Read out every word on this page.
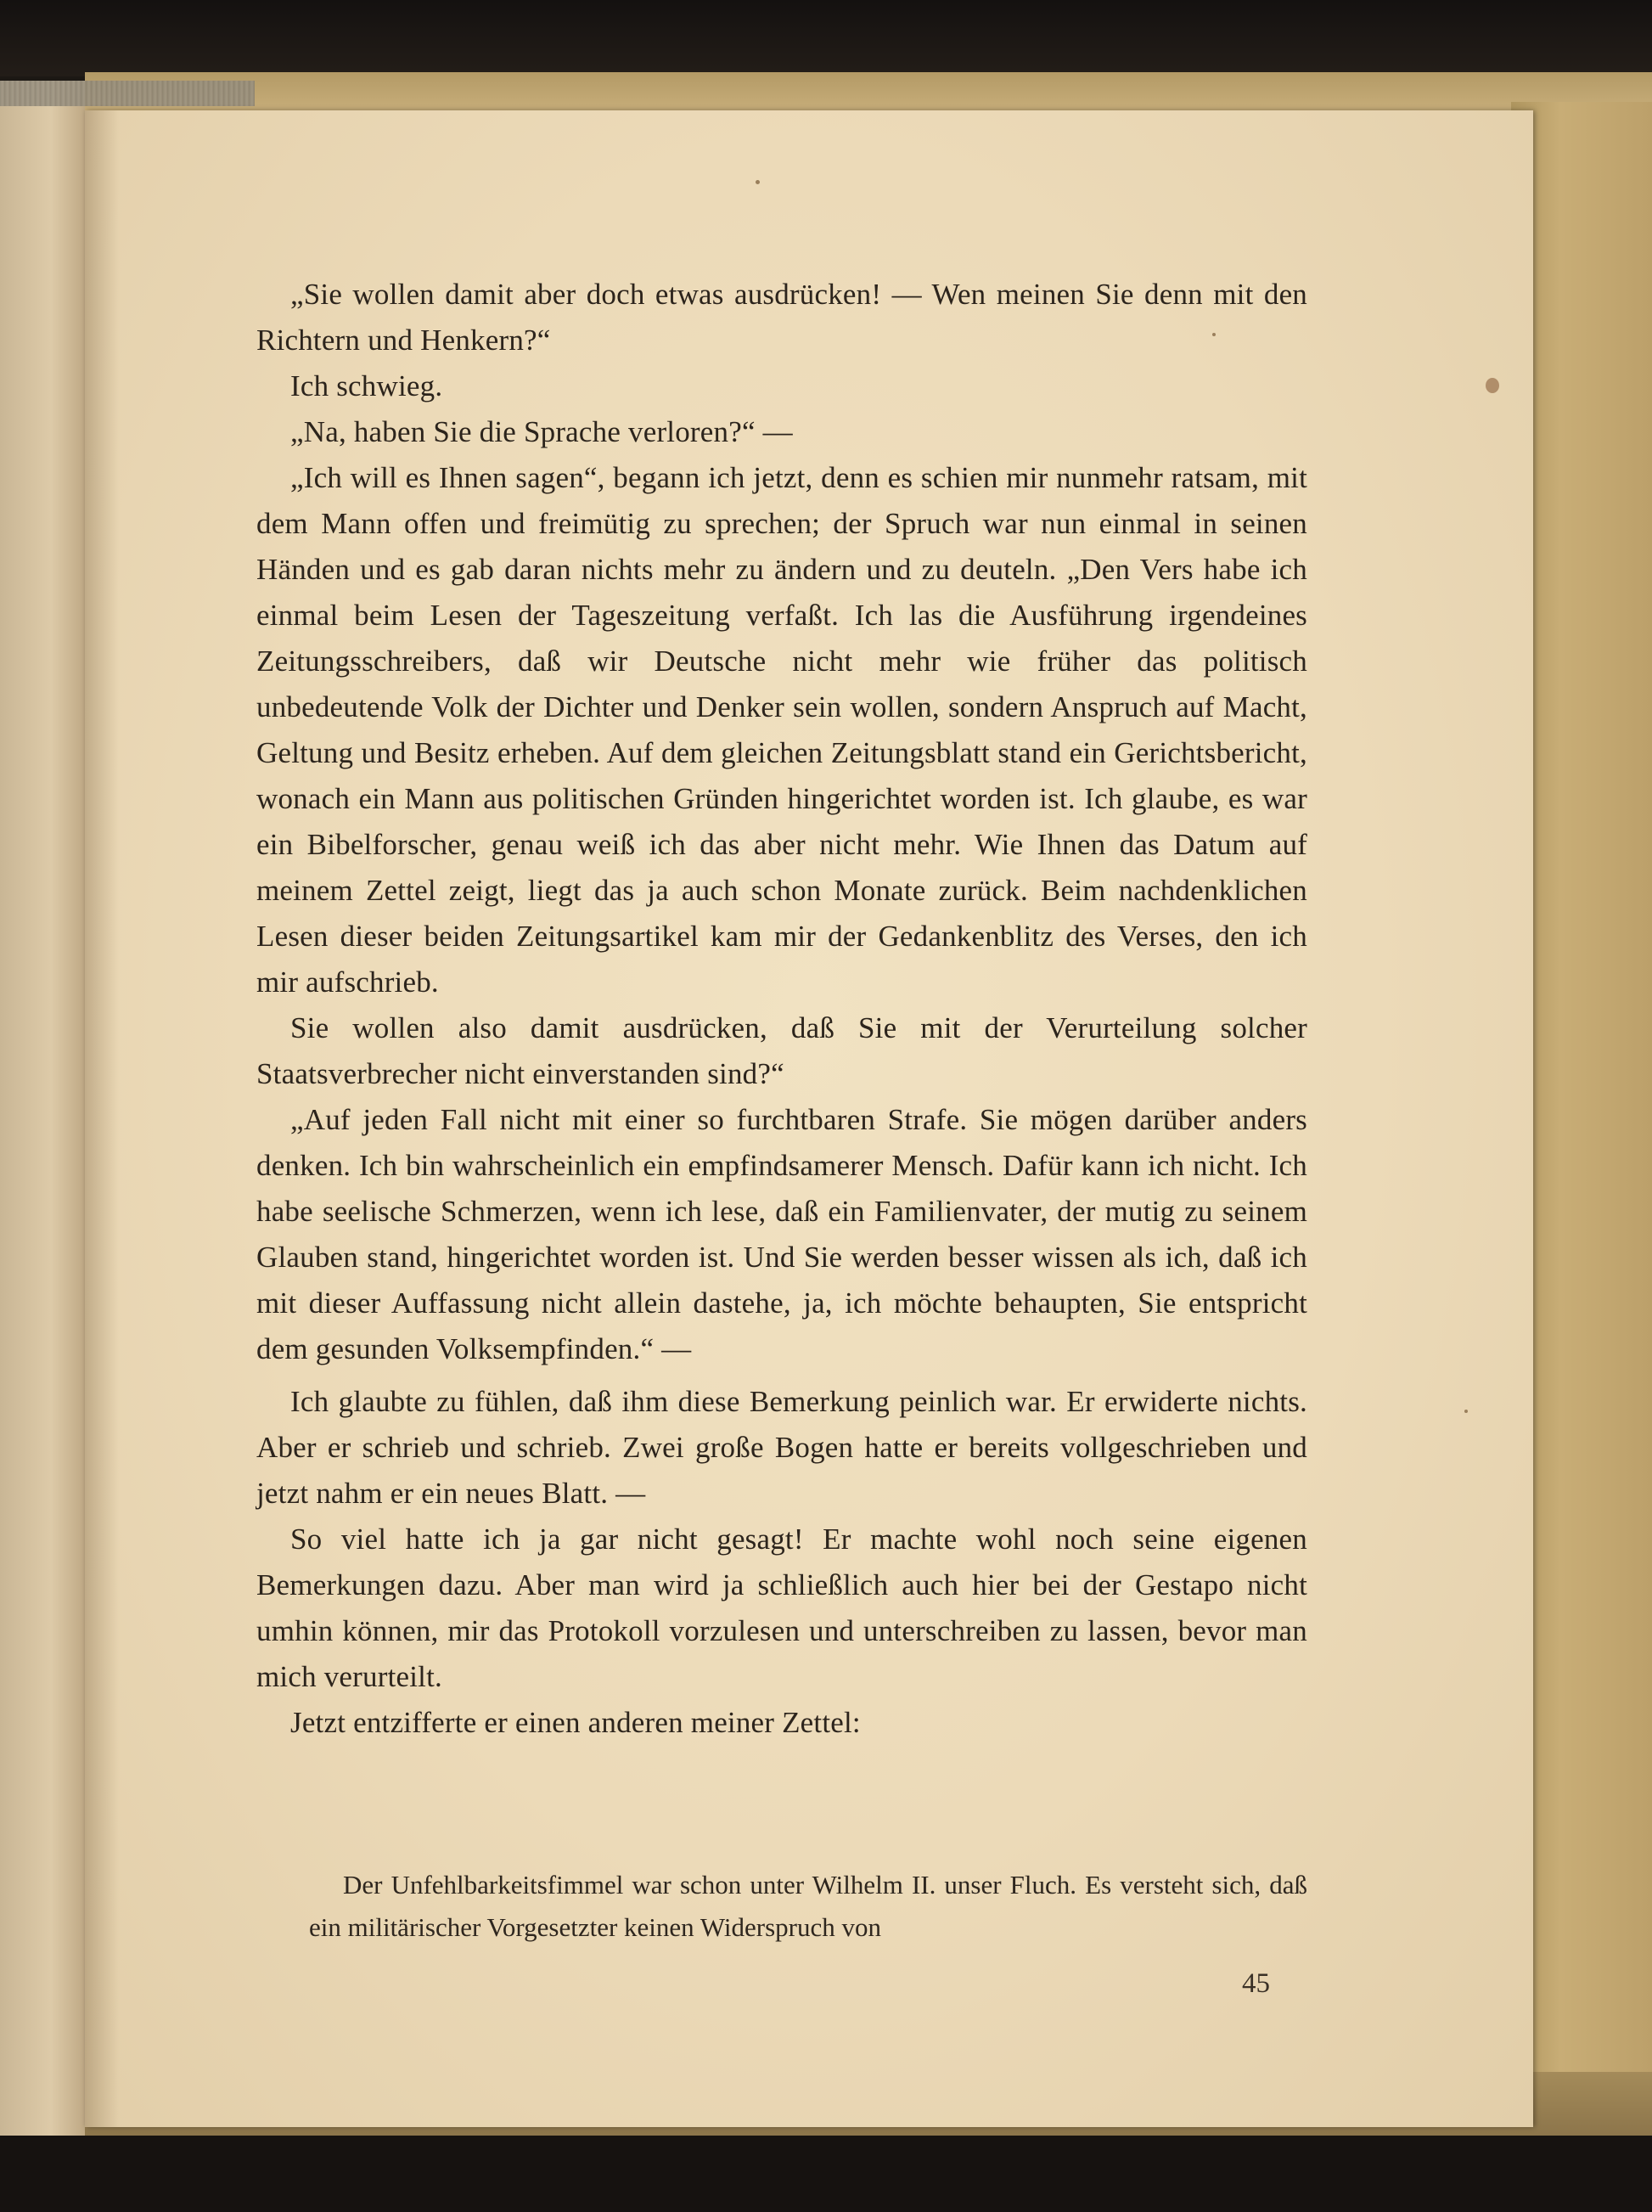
„Sie wollen damit aber doch etwas ausdrücken! — Wen meinen Sie denn mit den Richtern und Henkern?“

Ich schwieg.

„Na, haben Sie die Sprache verloren?“ —

„Ich will es Ihnen sagen“, begann ich jetzt, denn es schien mir nunmehr ratsam, mit dem Mann offen und freimütig zu sprechen; der Spruch war nun einmal in seinen Händen und es gab daran nichts mehr zu ändern und zu deuteln. „Den Vers habe ich einmal beim Lesen der Tageszeitung verfaßt. Ich las die Ausführung irgendeines Zeitungsschreibers, daß wir Deutsche nicht mehr wie früher das politisch unbedeutende Volk der Dichter und Denker sein wollen, sondern Anspruch auf Macht, Geltung und Besitz erheben. Auf dem gleichen Zeitungsblatt stand ein Gerichtsbericht, wonach ein Mann aus politischen Gründen hingerichtet worden ist. Ich glaube, es war ein Bibelforscher, genau weiß ich das aber nicht mehr. Wie Ihnen das Datum auf meinem Zettel zeigt, liegt das ja auch schon Monate zurück. Beim nachdenklichen Lesen dieser beiden Zeitungsartikel kam mir der Gedankenblitz des Verses, den ich mir aufschrieb.

Sie wollen also damit ausdrücken, daß Sie mit der Verurteilung solcher Staatsverbrecher nicht einverstanden sind?“

„Auf jeden Fall nicht mit einer so furchtbaren Strafe. Sie mögen darüber anders denken. Ich bin wahrscheinlich ein empfindsamerer Mensch. Dafür kann ich nicht. Ich habe seelische Schmerzen, wenn ich lese, daß ein Familienvater, der mutig zu seinem Glauben stand, hingerichtet worden ist. Und Sie werden besser wissen als ich, daß ich mit dieser Auffassung nicht allein dastehe, ja, ich möchte behaupten, Sie entspricht dem gesunden Volksempfinden.“ —

Ich glaubte zu fühlen, daß ihm diese Bemerkung peinlich war. Er erwiderte nichts. Aber er schrieb und schrieb. Zwei große Bogen hatte er bereits vollgeschrieben und jetzt nahm er ein neues Blatt. —

So viel hatte ich ja gar nicht gesagt! Er machte wohl noch seine eigenen Bemerkungen dazu. Aber man wird ja schließlich auch hier bei der Gestapo nicht umhin können, mir das Protokoll vorzulesen und unterschreiben zu lassen, bevor man mich verurteilt.

Jetzt entzifferte er einen anderen meiner Zettel:

Der Unfehlbarkeitsfimmel war schon unter Wilhelm II. unser Fluch. Es versteht sich, daß ein militärischer Vorgesetzter keinen Widerspruch von

45
